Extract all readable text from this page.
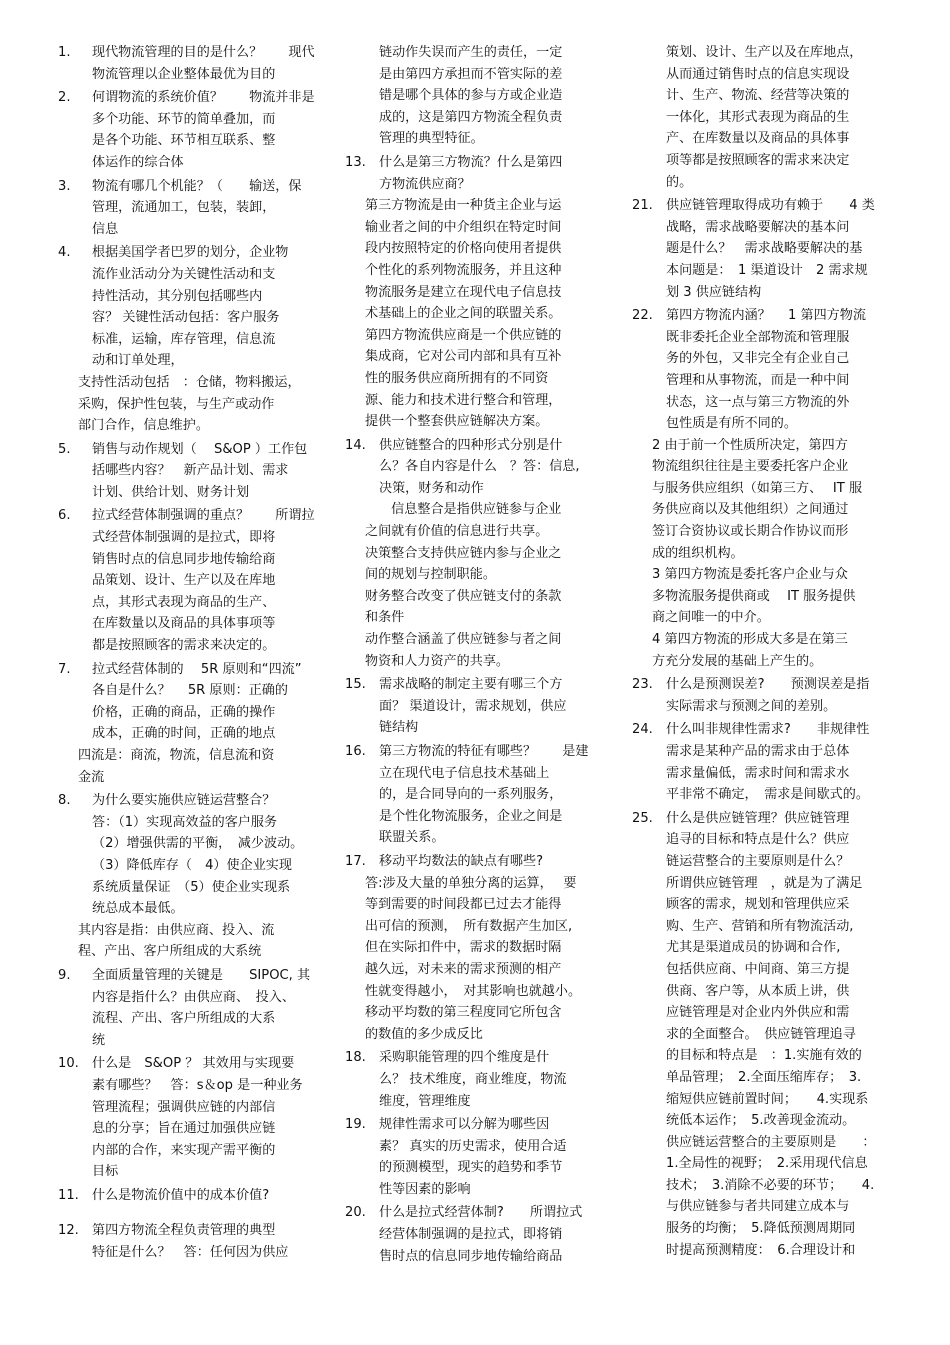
1.	现代物流管理的目的是什么？　　现代
物流管理以企业整体最优为目的
2.	何谓物流的系统价值？　　物流并非是
多个功能、环节的简单叠加，而
是各个功能、环节相互联系、整
体运作的综合体
3.	物流有哪几个机能？（　　输送，保
管理，流通加工，包装，装卸，
信息
4.	根据美国学者巴罗的划分，企业物
流作业活动分为关键性活动和支
持性活动，其分别包括哪些内
容？ 关键性活动包括：客户服务
标准，运输，库存管理，信息流
动和订单处理，

支持性活动包括　：仓储，物料搬运，
采购，保护性包装，与生产或动作
部门合作，信息维护。

5.	销售与动作规划（　 S&OP ）工作包
括哪些内容？　新产品计划、需求
计划、供给计划、财务计划
6.	拉式经营体制强调的重点？　　所谓拉
式经营体制强调的是拉式，即将
销售时点的信息同步地传输给商
品策划、设计、生产以及在库地
点，其形式表现为商品的生产、
在库数量以及商品的具体事项等
都是按照顾客的需求来决定的。
7.	拉式经营体制的　 5R 原则和“四流”
各自是什么？　 5R 原则：正确的
价格，正确的商品，正确的操作
成本，正确的时间，正确的地点

四流是：商流，物流，信息流和资
金流

8.	为什么要实施供应链运营整合？

答：（1）实现高效益的客户服务
（2）增强供需的平衡，　减少波动。
（3）降低库存（　4）使企业实现
系统质量保证　（5）使企业实现系
统总成本最低。

其内容是指：由供应商、投入、流
程、产出、客户所组成的大系统

9.	全面质量管理的关键是　　SIPOC, 其
内容是指什么？由供应商、　投入、
流程、产出、客户所组成的大系
统
10.	什么是　S&OP ？ 其效用与实现要
素有哪些？　答：s＆op 是一种业务
管理流程；强调供应链的内部信
息的分享；旨在通过加强供应链
内部的合作，来实现产需平衡的
目标
11.	什么是物流价值中的成本价值?
12.	第四方物流全程负责管理的典型
特征是什么？　答：任何因为供应

链动作失误而产生的责任，一定
是由第四方承担而不管实际的差
错是哪个具体的参与方或企业造
成的，这是第四方物流全程负责
管理的典型特征。

13.	什么是第三方物流？什么是第四
方物流供应商？

第三方物流是由一种货主企业与运
输业者之间的中介组织在特定时间
段内按照特定的价格向使用者提供
个性化的系列物流服务，并且这种
物流服务是建立在现代电子信息技
术基础上的企业之间的联盟关系。

第四方物流供应商是一个供应链的
集成商，它对公司内部和具有互补
性的服务供应商所拥有的不同资
源、能力和技术进行整合和管理，
提供一个整套供应链解决方案。

14.	供应链整合的四种形式分别是什
么？各自内容是什么　？答：信息,
决策，财务和动作

　　信息整合是指供应链参与企业
之间就有价值的信息进行共享。

决策整合支持供应链内参与企业之
间的规划与控制职能。

财务整合改变了供应链支付的条款
和条件

动作整合涵盖了供应链参与者之间
物资和人力资产的共享。

15.	需求战略的制定主要有哪三个方
面？ 渠道设计，需求规划，供应
链结构
16.	第三方物流的特征有哪些？　　是建
立在现代电子信息技术基础上
的，是合同导向的一系列服务，
是个性化物流服务，企业之间是
联盟关系。
17.	移动平均数法的缺点有哪些?

答:涉及大量的单独分离的运算，　 要
等到需要的时间段都已过去才能得
出可信的预测，　所有数据产生加区,
但在实际扣件中，需求的数据时隔
越久远，对未来的需求预测的相产
性就变得越小，　对其影响也就越小。
移动平均数的第三程度同它所包含
的数值的多少成反比

18.	采购职能管理的四个维度是什
么？ 技术维度，商业维度，物流
维度，管理维度
19.	规律性需求可以分解为哪些因
素？ 真实的历史需求，使用合适
的预测模型，现实的趋势和季节
性等因素的影响
20.	什么是拉式经营体制?　　所谓拉式
经营体制强调的是拉式，即将销
售时点的信息同步地传输给商品

策划、设计、生产以及在库地点，
从而通过销售时点的信息实现设
计、生产、物流、经营等决策的
一体化，其形式表现为商品的生
产、在库数量以及商品的具体事
项等都是按照顾客的需求来决定
的。

21.	供应链管理取得成功有赖于　　4 类
战略，需求战略要解决的基本问
题是什么？　需求战略要解决的基
本问题是：　1 渠道设计　2 需求规
划 3 供应链结构
22.	第四方物流内涵？　 1 第四方物流
既非委托企业全部物流和管理服
务的外包，又非完全有企业自己
管理和从事物流，而是一种中间
状态，这一点与第三方物流的外
包性质是有所不同的。

2 由于前一个性质所决定，第四方
物流组织往往是主要委托客户企业
与服务供应组织（如第三方、　 IT 服
务供应商以及其他组织）之间通过
签订合资协议或长期合作协议而形
成的组织机构。

3 第四方物流是委托客户企业与众
多物流服务提供商或　 IT 服务提供
商之间唯一的中介。

4 第四方物流的形成大多是在第三
方充分发展的基础上产生的。

23.	什么是预测误差?　　预测误差是指
实际需求与预测之间的差别。
24.	什么叫非规律性需求?　　非规律性
需求是某种产品的需求由于总体
需求量偏低，需求时间和需求水
平非常不确定，　需求是间歇式的。
25.	什么是供应链管理？供应链管理
追寻的目标和特点是什么？供应
链运营整合的主要原则是什么？
所谓供应链管理　，就是为了满足
顾客的需求，规划和管理供应采
购、生产、营销和所有物流活动,
尤其是渠道成员的协调和合作,
包括供应商、中间商、第三方提
供商、客户等，从本质上讲，供
应链管理是对企业内外供应和需
求的全面整合。　供应链管理追寻
的目标和特点是　：1.实施有效的
单品管理；　2.全面压缩库存；　3.
缩短供应链前置时间；　　4.实现系
统低本运作；　5.改善现金流动。
供应链运营整合的主要原则是　　：
1.全局性的视野；　2.采用现代信息
技术；　3.消除不必要的环节；　　4.
与供应链参与者共同建立成本与
服务的均衡；　5.降低预测周期同
时提高预测精度：　6.合理设计和
